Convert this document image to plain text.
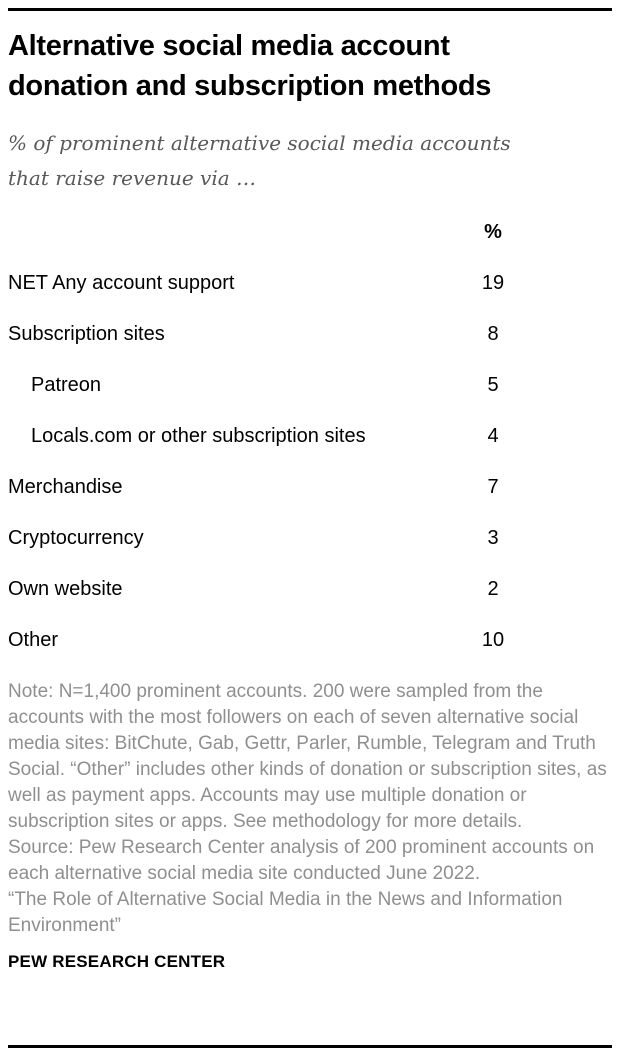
Alternative social media account donation and subscription methods

% of prominent alternative social media accounts that raise revenue via …

%
NET Any account support	19
Subscription sites	8
Patreon	5
Locals.com or other subscription sites	4
Merchandise	7
Cryptocurrency	3
Own website	2
Other	10

Note: N=1,400 prominent accounts. 200 were sampled from the accounts with the most followers on each of seven alternative social media sites: BitChute, Gab, Gettr, Parler, Rumble, Telegram and Truth Social. “Other” includes other kinds of donation or subscription sites, as well as payment apps. Accounts may use multiple donation or subscription sites or apps. See methodology for more details.

Source: Pew Research Center analysis of 200 prominent accounts on each alternative social media site conducted June 2022.

“The Role of Alternative Social Media in the News and Information Environment”

PEW RESEARCH CENTER
